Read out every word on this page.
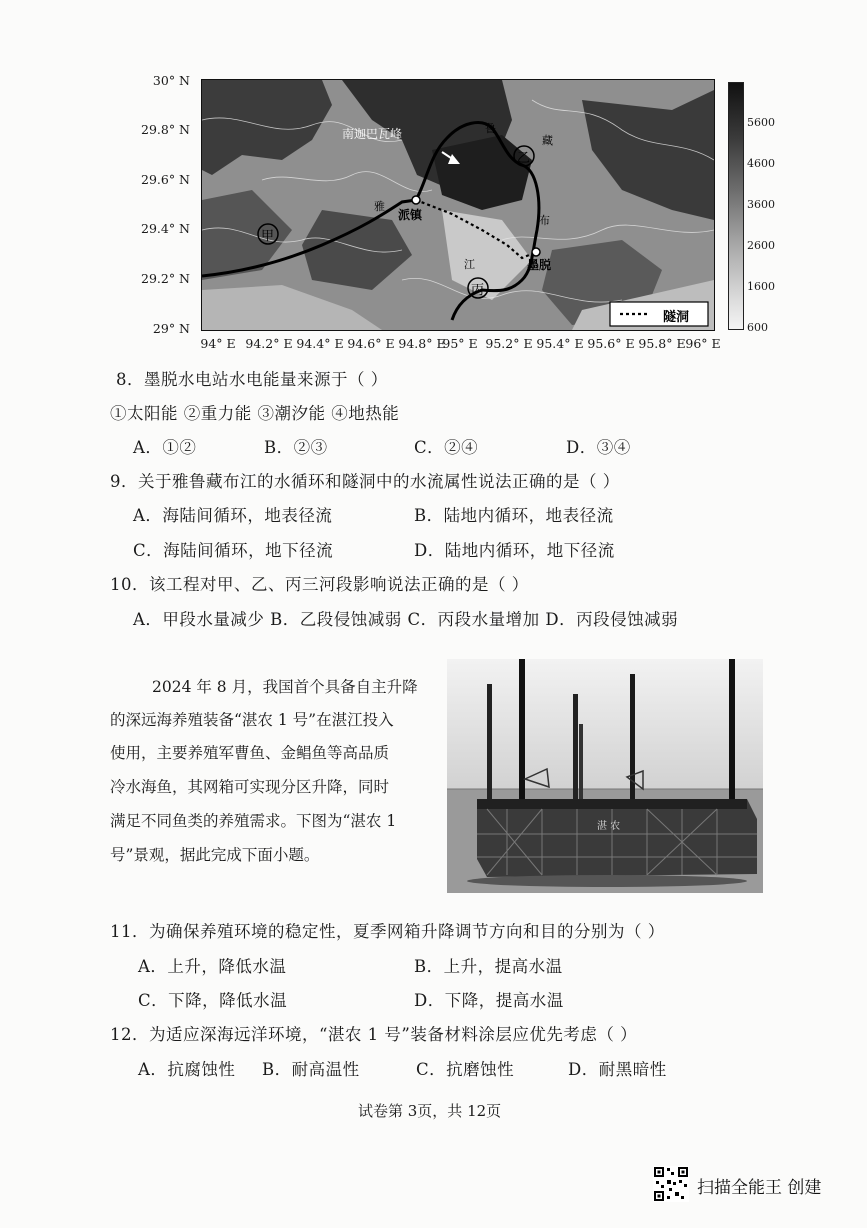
30° N
29.8° N
29.6° N
29.4° N
29.2° N
29° N
南迦巴瓦峰
派镇
墨脱
甲
乙
丙
雅
鲁
藏
布
江
隧洞
5600
4600
3600
2600
1600
600
94° E 94.2° E 94.4° E 94.6° E 94.8° E
95° E 95.2° E 95.4° E 95.6° E 95.8° E 96° E
8．墨脱水电站水电能量来源于（ ）
①太阳能 ②重力能 ③潮汐能 ④地热能
A．①②	B．②③	C．②④	D．③④
9．关于雅鲁藏布江的水循环和隧洞中的水流属性说法正确的是（ ）
A．海陆间循环，地表径流	B．陆地内循环，地表径流
C．海陆间循环，地下径流	D．陆地内循环，地下径流
10．该工程对甲、乙、丙三河段影响说法正确的是（ ）
A．甲段水量减少 B．乙段侵蚀减弱 C．丙段水量增加 D．丙段侵蚀减弱
2024 年 8 月，我国首个具备自主升降
的深远海养殖装备“湛农 1 号”在湛江投入
使用，主要养殖军曹鱼、金鲳鱼等高品质
冷水海鱼，其网箱可实现分区升降，同时
满足不同鱼类的养殖需求。下图为“湛农 1
号”景观，据此完成下面小题。
湛 农
11．为确保养殖环境的稳定性，夏季网箱升降调节方向和目的分别为（ ）
A．上升，降低水温	B．上升，提高水温
C．下降，降低水温	D．下降，提高水温
12．为适应深海远洋环境，“湛农 1 号”装备材料涂层应优先考虑（ ）
A．抗腐蚀性 B．耐高温性	C．抗磨蚀性	D．耐黑暗性
试卷第 3页，共 12页
扫描全能王 创建
